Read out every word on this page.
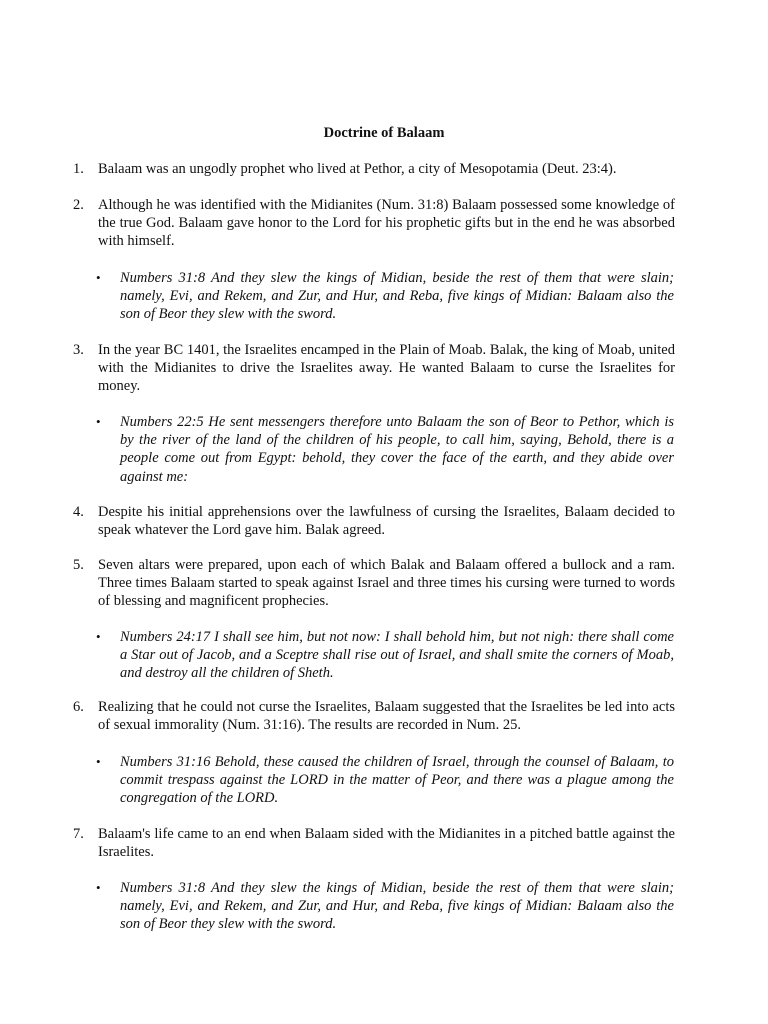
Doctrine of Balaam
1. Balaam was an ungodly prophet who lived at Pethor, a city of Mesopotamia (Deut. 23:4).
2. Although he was identified with the Midianites (Num. 31:8) Balaam possessed some knowledge of the true God. Balaam gave honor to the Lord for his prophetic gifts but in the end he was absorbed with himself.
• Numbers 31:8 And they slew the kings of Midian, beside the rest of them that were slain; namely, Evi, and Rekem, and Zur, and Hur, and Reba, five kings of Midian: Balaam also the son of Beor they slew with the sword.
3. In the year BC 1401, the Israelites encamped in the Plain of Moab. Balak, the king of Moab, united with the Midianites to drive the Israelites away. He wanted Balaam to curse the Israelites for money.
• Numbers 22:5 He sent messengers therefore unto Balaam the son of Beor to Pethor, which is by the river of the land of the children of his people, to call him, saying, Behold, there is a people come out from Egypt: behold, they cover the face of the earth, and they abide over against me:
4. Despite his initial apprehensions over the lawfulness of cursing the Israelites, Balaam decided to speak whatever the Lord gave him. Balak agreed.
5. Seven altars were prepared, upon each of which Balak and Balaam offered a bullock and a ram. Three times Balaam started to speak against Israel and three times his cursing were turned to words of blessing and magnificent prophecies.
• Numbers 24:17 I shall see him, but not now: I shall behold him, but not nigh: there shall come a Star out of Jacob, and a Sceptre shall rise out of Israel, and shall smite the corners of Moab, and destroy all the children of Sheth.
6. Realizing that he could not curse the Israelites, Balaam suggested that the Israelites be led into acts of sexual immorality (Num. 31:16). The results are recorded in Num. 25.
• Numbers 31:16 Behold, these caused the children of Israel, through the counsel of Balaam, to commit trespass against the LORD in the matter of Peor, and there was a plague among the congregation of the LORD.
7. Balaam's life came to an end when Balaam sided with the Midianites in a pitched battle against the Israelites.
• Numbers 31:8 And they slew the kings of Midian, beside the rest of them that were slain; namely, Evi, and Rekem, and Zur, and Hur, and Reba, five kings of Midian: Balaam also the son of Beor they slew with the sword.
